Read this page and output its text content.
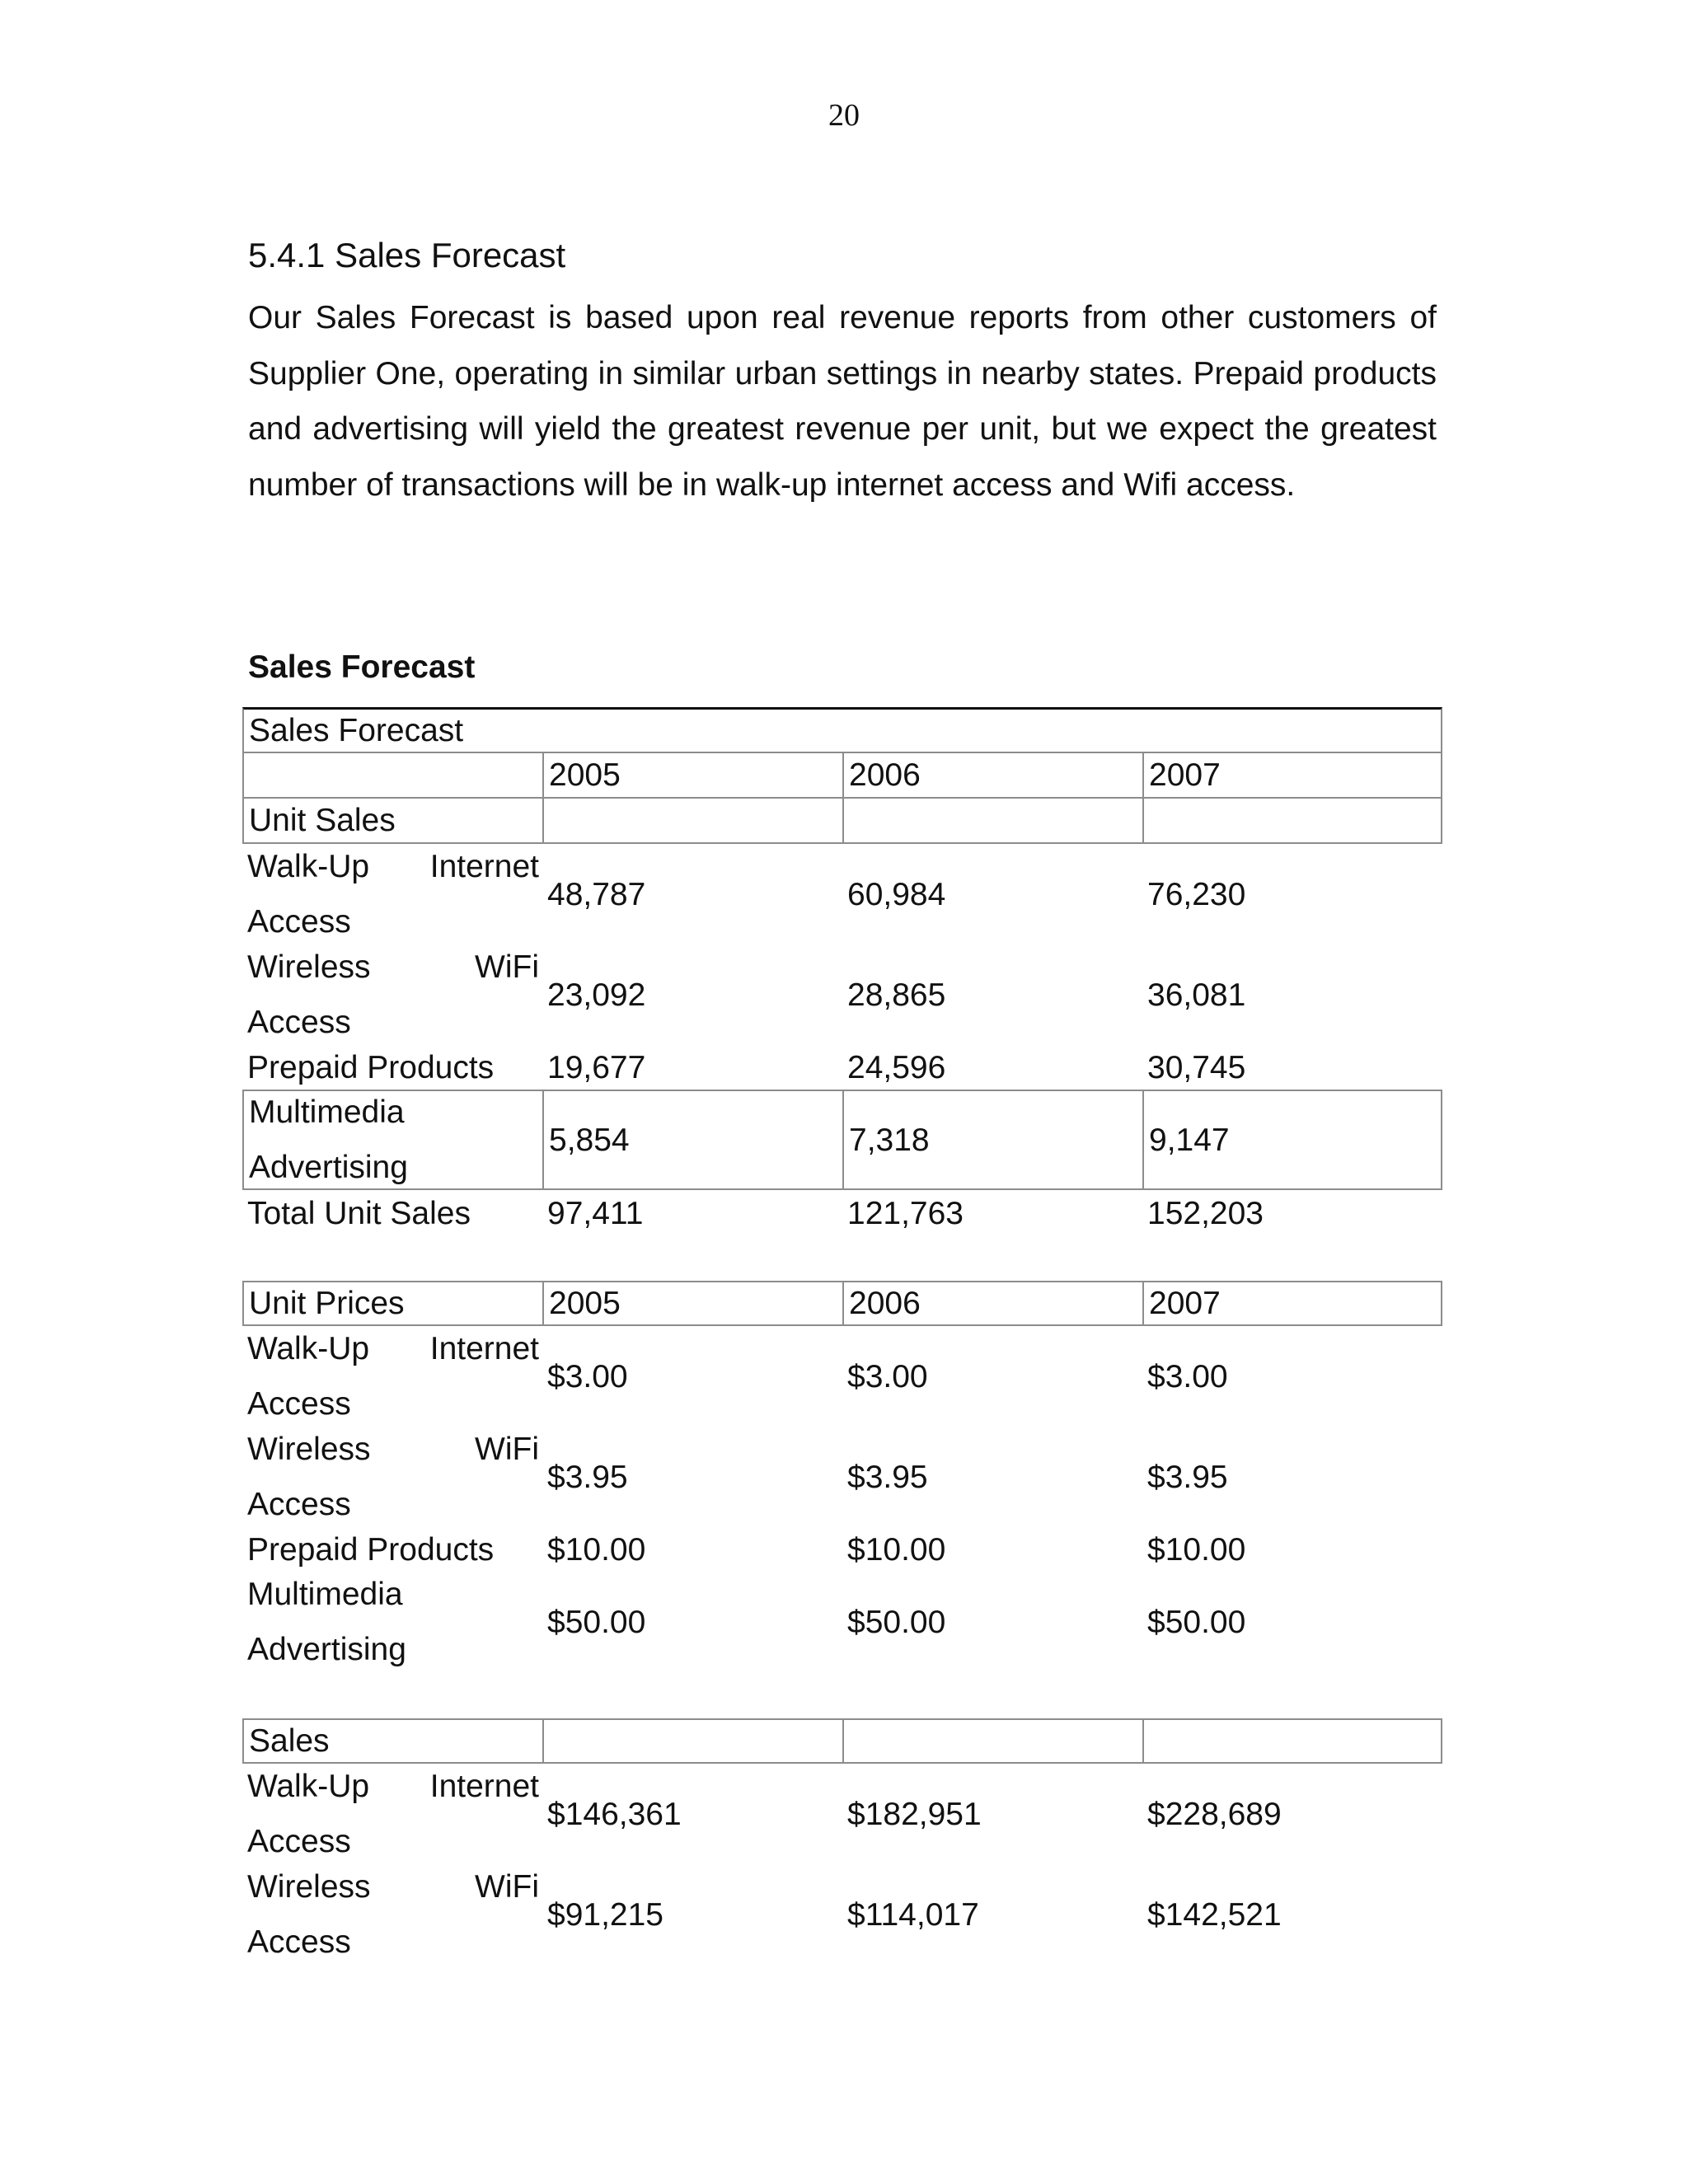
20
5.4.1 Sales Forecast

Our Sales Forecast is based upon real revenue reports from other customers of Supplier One, operating in similar urban settings in nearby states. Prepaid products and advertising will yield the greatest revenue per unit, but we expect the greatest number of transactions will be in walk-up internet access and Wifi access.

Sales Forecast

Sales Forecast
2005	2006	2007
Unit Sales
Walk-Up Internet
Access
48,787	60,984	76,230
Wireless	WiFi
Access
23,092	28,865	36,081
Prepaid Products	19,677	24,596	30,745
Multimedia
Advertising
5,854	7,318	9,147
Total Unit Sales	97,411	121,763	152,203
Unit Prices	2005	2006	2007
Walk-Up Internet
Access
$3.00	$3.00	$3.00
Wireless	WiFi
Access
$3.95	$3.95	$3.95
Prepaid Products	$10.00	$10.00	$10.00
Multimedia
Advertising
$50.00	$50.00	$50.00
Sales
Walk-Up Internet
Access
$146,361	$182,951	$228,689
Wireless	WiFi
Access
$91,215	$114,017	$142,521
